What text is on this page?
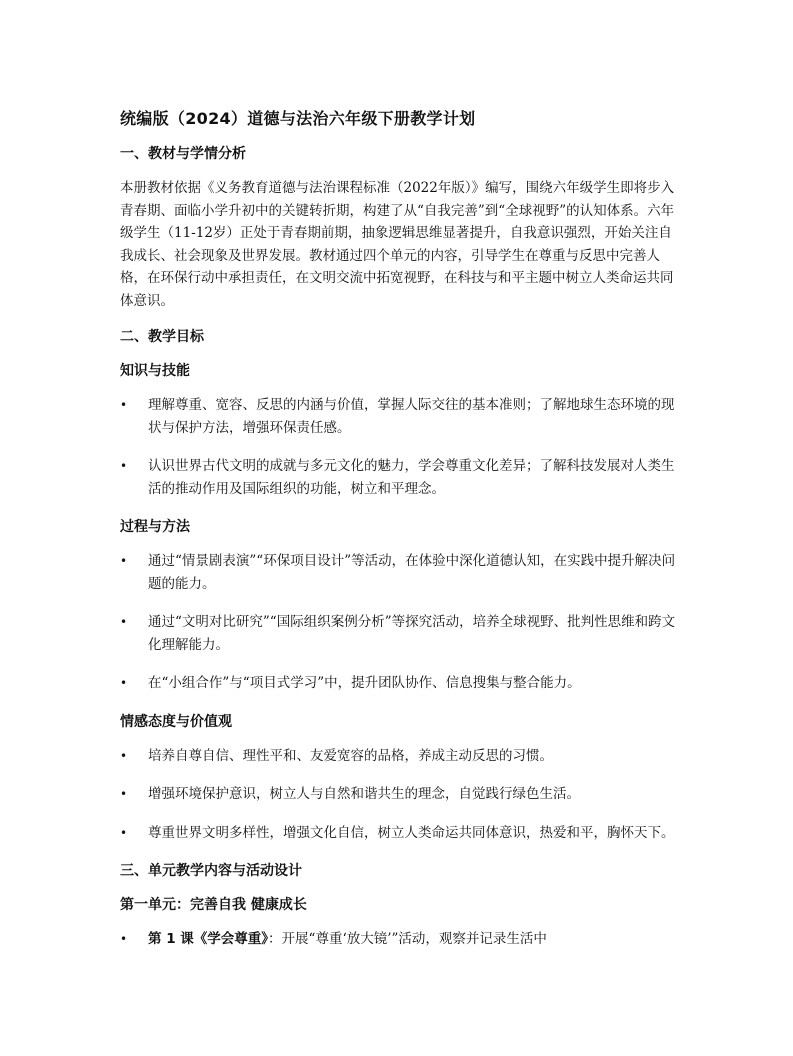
统编版（2024）道德与法治六年级下册教学计划
一、教材与学情分析

本册教材依据《义务教育道德与法治课程标准（2022年版）》编写，围绕六年级学生即将步入青春期、面临小学升初中的关键转折期，构建了从“自我完善”到“全球视野”的认知体系。六年级学生（11-12岁）正处于青春期前期，抽象逻辑思维显著提升，自我意识强烈，开始关注自我成长、社会现象及世界发展。教材通过四个单元的内容，引导学生在尊重与反思中完善人格，在环保行动中承担责任，在文明交流中拓宽视野，在科技与和平主题中树立人类命运共同体意识。

二、教学目标
知识与技能
•	理解尊重、宽容、反思的内涵与价值，掌握人际交往的基本准则；了解地球生态环境的现状与保护方法，增强环保责任感。
•	认识世界古代文明的成就与多元文化的魅力，学会尊重文化差异；了解科技发展对人类生活的推动作用及国际组织的功能，树立和平理念。
过程与方法
•	通过“情景剧表演”“环保项目设计”等活动，在体验中深化道德认知，在实践中提升解决问题的能力。
•	通过“文明对比研究”“国际组织案例分析”等探究活动，培养全球视野、批判性思维和跨文化理解能力。
•	在“小组合作”与“项目式学习”中，提升团队协作、信息搜集与整合能力。
情感态度与价值观
•	培养自尊自信、理性平和、友爱宽容的品格，养成主动反思的习惯。
•	增强环境保护意识，树立人与自然和谐共生的理念，自觉践行绿色生活。
•	尊重世界文明多样性，增强文化自信，树立人类命运共同体意识，热爱和平，胸怀天下。
三、单元教学内容与活动设计
第一单元：完善自我 健康成长
•	第 1 课《学会尊重》：开展“尊重‘放大镜’”活动，观察并记录生活中
